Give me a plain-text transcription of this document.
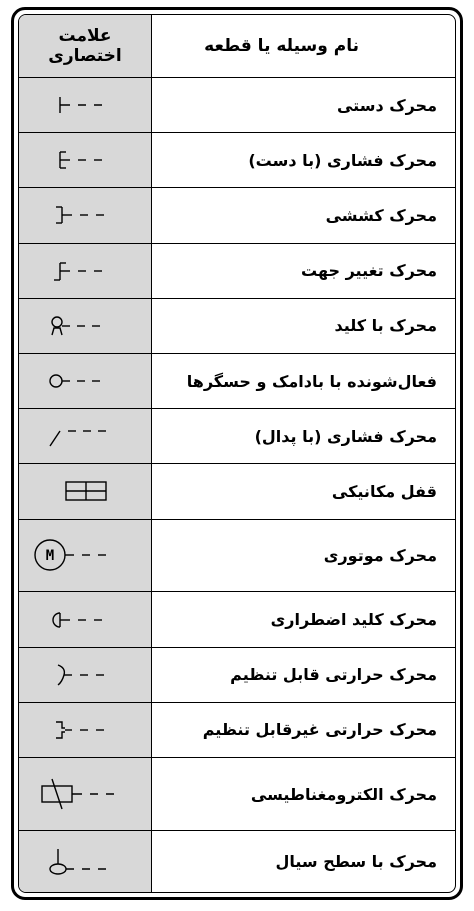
نام وسیله یا قطعه	علامت اختصاری
محرک دستی	

محرک فشاری (با دست)	

محرک کششی	

محرک تغییر جهت	

محرک با کلید	

فعال‌شونده با بادامک و حسگرها	

محرک فشاری (با پدال)	

قفل مکانیکی	

محرک موتوری	M

محرک کلید اضطراری	

محرک حرارتی قابل تنظیم	

محرک حرارتی غیرقابل تنظیم	

محرک الکترومغناطیسی	

محرک با سطح سیال	
